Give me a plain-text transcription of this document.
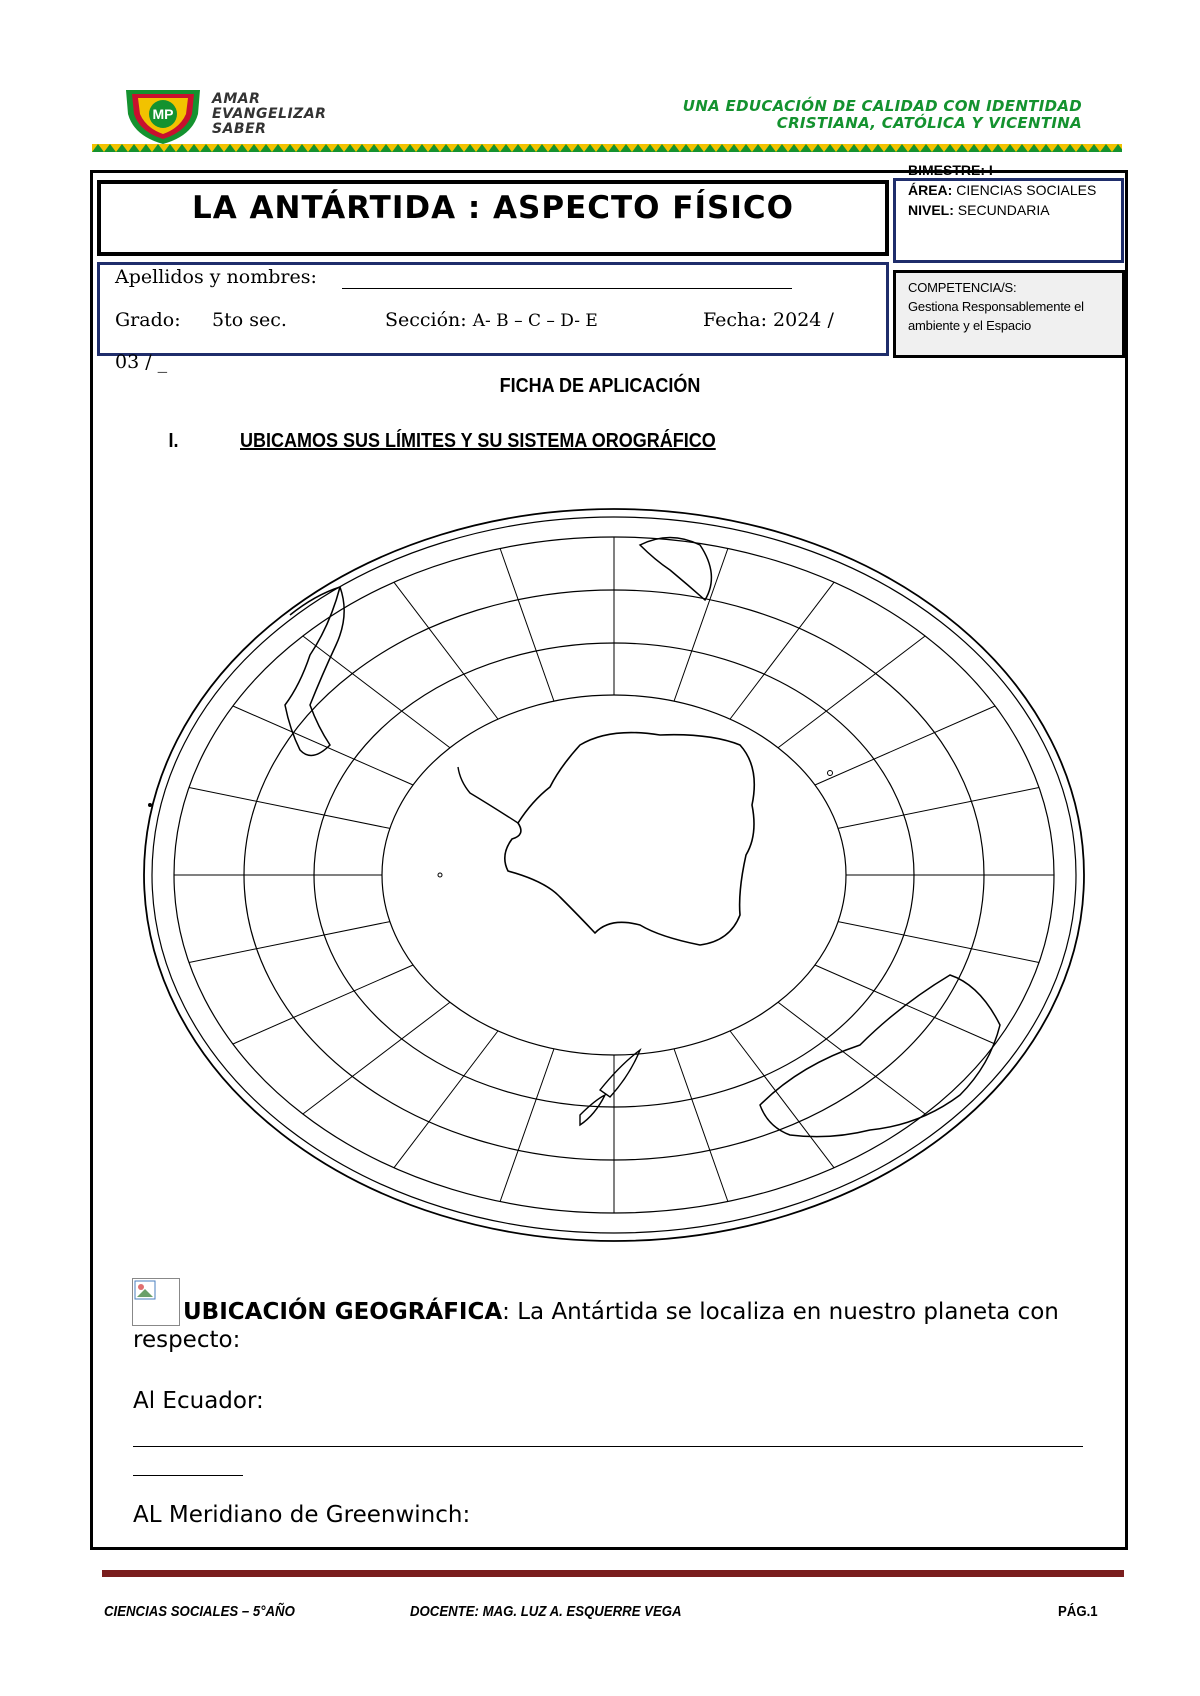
MP
AMAR
EVANGELIZAR
SABER
UNA EDUCACIÓN DE CALIDAD CON IDENTIDAD
CRISTIANA, CATÓLICA Y VICENTINA
LA ANTÁRTIDA : ASPECTO FÍSICO
BIMESTRE: I
ÁREA: CIENCIAS SOCIALES
NIVEL: SECUNDARIA
COMPETENCIA/S:
Gestiona Responsablemente el ambiente y el Espacio
Apellidos y nombres:
Grado: 5to sec.	Sección: A- B – C – D- E	Fecha: 2024 /
03 / _
FICHA DE APLICACIÓN
I.	UBICAMOS SUS LÍMITES Y SU SISTEMA OROGRÁFICO
UBICACIÓN GEOGRÁFICA: La Antártida se localiza en nuestro planeta con respecto:
Al Ecuador:
AL Meridiano de Greenwinch:
CIENCIAS SOCIALES – 5°AÑO	DOCENTE: MAG. LUZ A. ESQUERRE VEGA	PÁG.1
